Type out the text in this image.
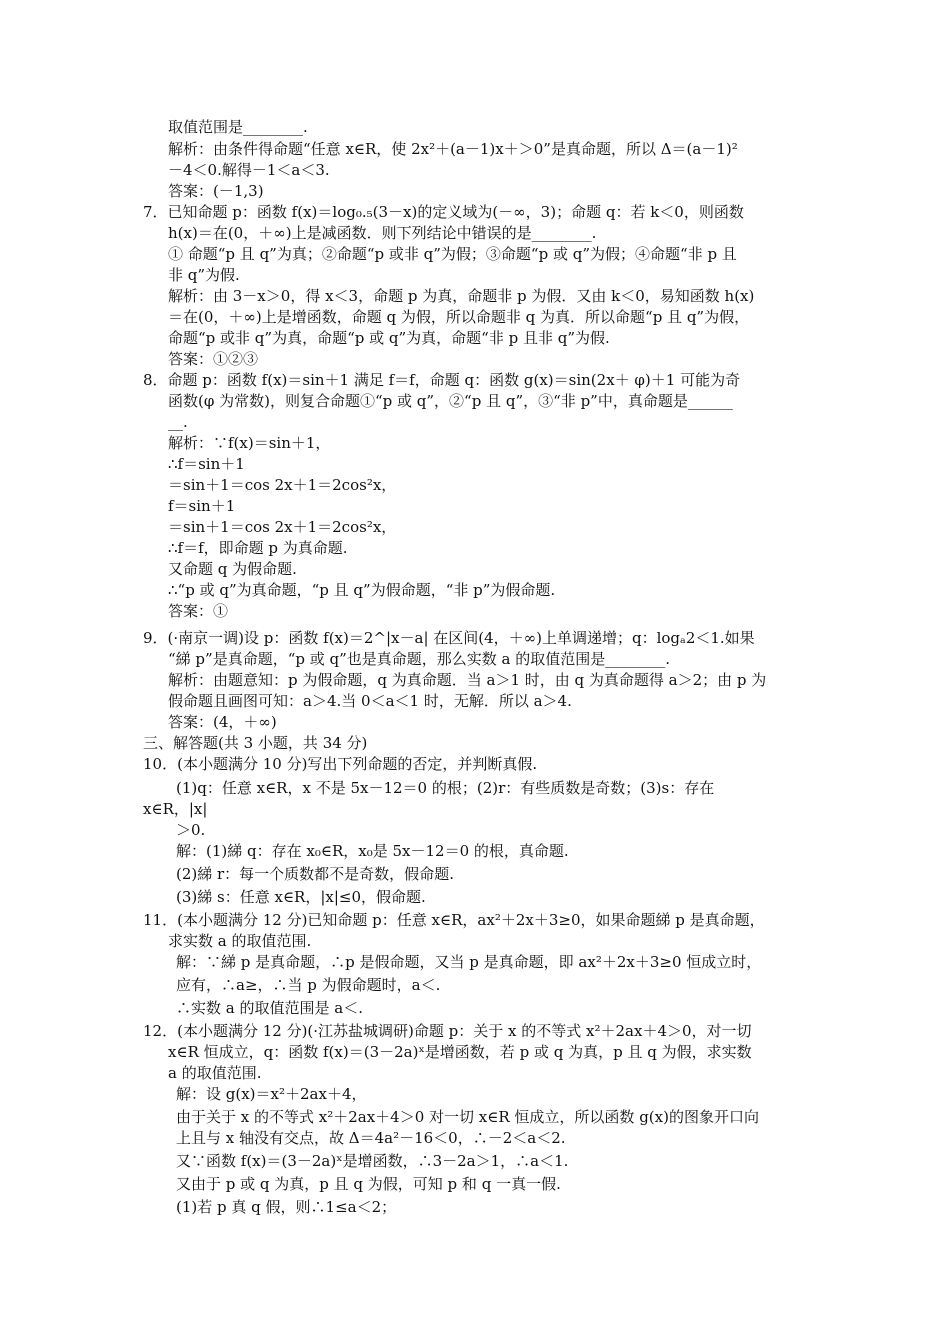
取值范围是________.
解析：由条件得命题“任意 x∈R，使 2x²＋(a－1)x＋＞0”是真命题，所以 Δ＝(a－1)²
－4＜0.解得－1＜a＜3.
答案：(－1,3)
7．已知命题 p：函数 f(x)＝log₀.₅(3－x)的定义域为(－∞，3)；命题 q：若 k＜0，则函数
h(x)＝在(0，＋∞)上是减函数．则下列结论中错误的是________.
① 命题“p 且 q”为真；②命题“p 或非 q”为假；③命题“p 或 q”为假；④命题“非 p 且
非 q”为假.
解析：由 3－x＞0，得 x＜3，命题 p 为真，命题非 p 为假．又由 k＜0，易知函数 h(x)
＝在(0，＋∞)上是增函数，命题 q 为假，所以命题非 q 为真．所以命题“p 且 q”为假，
命题“p 或非 q”为真，命题“p 或 q”为真，命题“非 p 且非 q”为假.
答案：①②③
8．命题 p：函数 f(x)＝sin＋1 满足 f＝f，命题 q：函数 g(x)＝sin(2x＋ φ)＋1 可能为奇
函数(φ 为常数)，则复合命题①“p 或 q”，②“p 且 q”，③“非 p”中，真命题是______
__.
解析：∵f(x)＝sin＋1，
∴f＝sin＋1
＝sin＋1＝cos 2x＋1＝2cos²x，
f＝sin＋1
＝sin＋1＝cos 2x＋1＝2cos²x，
∴f＝f，即命题 p 为真命题.
又命题 q 为假命题.
∴“p 或 q”为真命题，“p 且 q”为假命题，“非 p”为假命题.
答案：①
9．(·南京一调)设 p：函数 f(x)＝2^|x－a| 在区间(4，＋∞)上单调递增；q：logₐ2＜1.如果
“綈 p”是真命题，“p 或 q”也是真命题，那么实数 a 的取值范围是________.
解析：由题意知：p 为假命题，q 为真命题．当 a＞1 时，由 q 为真命题得 a＞2；由 p 为
假命题且画图可知：a＞4.当 0＜a＜1 时，无解．所以 a＞4.
答案：(4，＋∞)
三、解答题(共 3 小题，共 34 分)
10．(本小题满分 10 分)写出下列命题的否定，并判断真假.
(1)q：任意 x∈R，x 不是 5x－12＝0 的根；(2)r：有些质数是奇数；(3)s：存在
x∈R，|x|
＞0.
解：(1)綈 q：存在 x₀∈R，x₀是 5x－12＝0 的根，真命题.
(2)綈 r：每一个质数都不是奇数，假命题.
(3)綈 s：任意 x∈R，|x|≤0，假命题.
11．(本小题满分 12 分)已知命题 p：任意 x∈R，ax²＋2x＋3≥0，如果命题綈 p 是真命题，
求实数 a 的取值范围.
解：∵綈 p 是真命题，∴p 是假命题，又当 p 是真命题，即 ax²＋2x＋3≥0 恒成立时，
应有，∴a≥，∴当 p 为假命题时，a＜.
∴实数 a 的取值范围是 a＜.
12．(本小题满分 12 分)(·江苏盐城调研)命题 p：关于 x 的不等式 x²＋2ax＋4＞0，对一切
x∈R 恒成立，q：函数 f(x)＝(3－2a)ˣ是增函数，若 p 或 q 为真，p 且 q 为假，求实数
a 的取值范围.
解：设 g(x)＝x²＋2ax＋4，
由于关于 x 的不等式 x²＋2ax＋4＞0 对一切 x∈R 恒成立，所以函数 g(x)的图象开口向
上且与 x 轴没有交点，故 Δ＝4a²－16＜0，∴－2＜a＜2.
又∵函数 f(x)＝(3－2a)ˣ是增函数，∴3－2a＞1，∴a＜1.
又由于 p 或 q 为真，p 且 q 为假，可知 p 和 q 一真一假.
(1)若 p 真 q 假，则∴1≤a＜2；
